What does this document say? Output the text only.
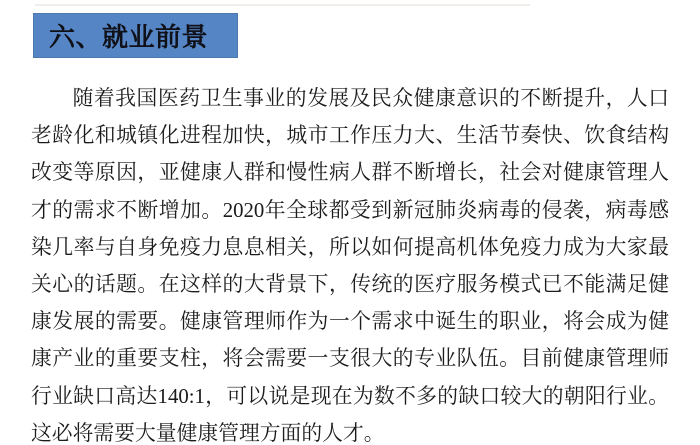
六、就业前景
随着我国医药卫生事业的发展及民众健康意识的不断提升，人口
老龄化和城镇化进程加快，城市工作压力大、生活节奏快、饮食结构
改变等原因，亚健康人群和慢性病人群不断增长，社会对健康管理人
才的需求不断增加。2020年全球都受到新冠肺炎病毒的侵袭，病毒感
染几率与自身免疫力息息相关，所以如何提高机体免疫力成为大家最
关心的话题。在这样的大背景下，传统的医疗服务模式已不能满足健
康发展的需要。健康管理师作为一个需求中诞生的职业，将会成为健
康产业的重要支柱，将会需要一支很大的专业队伍。目前健康管理师
行业缺口高达140:1，可以说是现在为数不多的缺口较大的朝阳行业。
这必将需要大量健康管理方面的人才。
